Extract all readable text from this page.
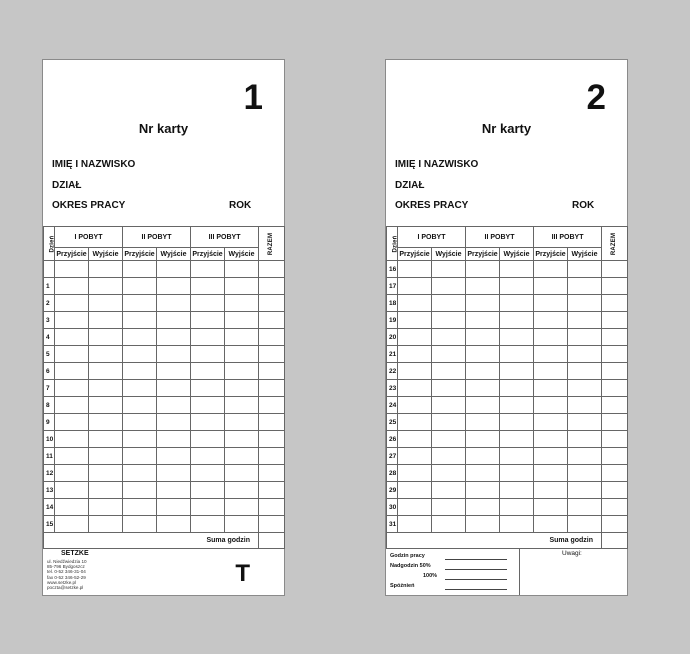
1
Nr karty
IMIĘ I NAZWISKO
DZIAŁ
OKRES PRACY	ROK
Dzień	I POBYT		II POBYT		III POBYT		RAZEM
	Przyjście	Wyjście	Przyjście	Wyjście	Przyjście	Wyjście	

1							
2							
3							
4							
5							
6							
7							
8							
9							
10							
11							
12							
13							
14							
15							
Suma godzin							
SETZKE
ul. Niedźwiedzia 10
85-796 Bydgoszcz
tel. 0-52 346-31-04
fax 0-52 346-52-29
www.setzke.pl
poczta@setzke.pl
T
2
Nr karty
IMIĘ I NAZWISKO
DZIAŁ
OKRES PRACY	ROK
Dzień	I POBYT		II POBYT		III POBYT		RAZEM
	Przyjście	Wyjście	Przyjście	Wyjście	Przyjście	Wyjście	
16							
17							
18							
19							
20							
21							
22							
23							
24							
25							
26							
27							
28							
29							
30							
31							
Suma godzin							
Godzin pracy
Nadgodzin 50%
100%
Spóźnień
Uwagi:
